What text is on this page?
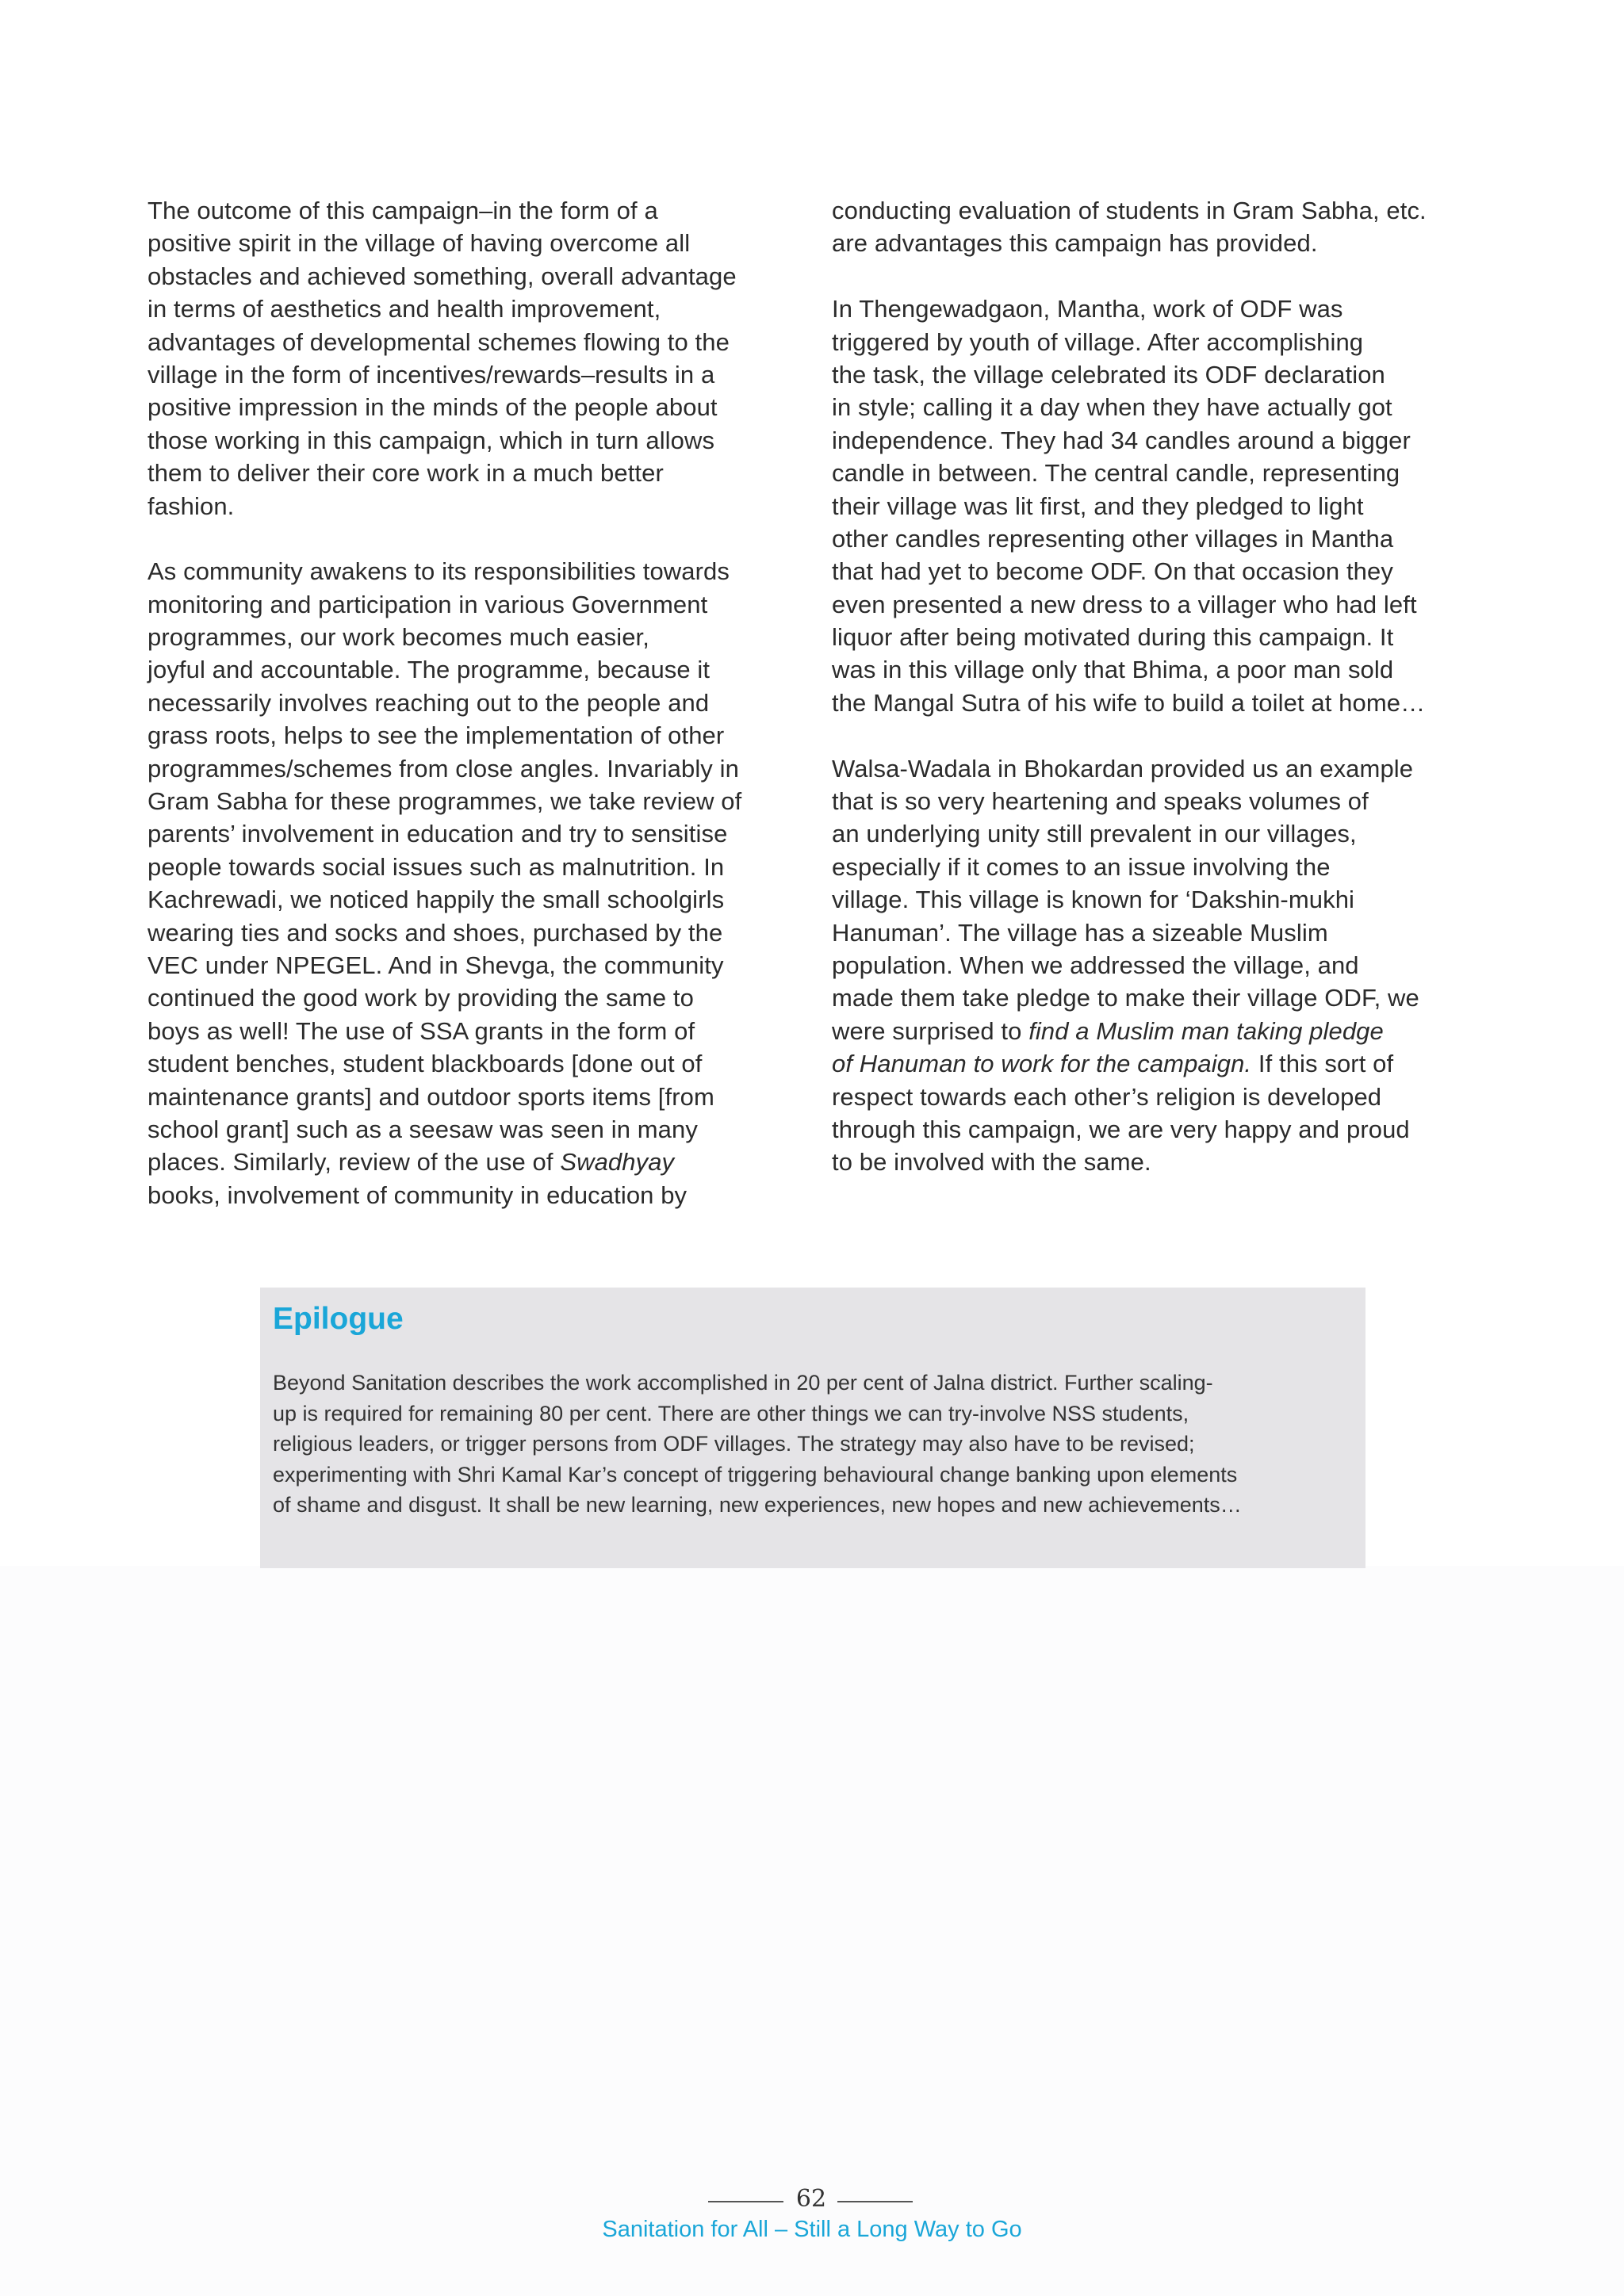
The outcome of this campaign–in the form of a
positive spirit in the village of having overcome all
obstacles and achieved something, overall advantage
in terms of aesthetics and health improvement,
advantages of developmental schemes flowing to the
village in the form of incentives/rewards–results in a
positive impression in the minds of the people about
those working in this campaign, which in turn allows
them to deliver their core work in a much better
fashion.
As community awakens to its responsibilities towards
monitoring and participation in various Government
programmes, our work becomes much easier,
joyful and accountable. The programme, because it
necessarily involves reaching out to the people and
grass roots, helps to see the implementation of other
programmes/schemes from close angles. Invariably in
Gram Sabha for these programmes, we take review of
parents’ involvement in education and try to sensitise
people towards social issues such as malnutrition. In
Kachrewadi, we noticed happily the small schoolgirls
wearing ties and socks and shoes, purchased by the
VEC under NPEGEL. And in Shevga, the community
continued the good work by providing the same to
boys as well! The use of SSA grants in the form of
student benches, student blackboards [done out of
maintenance grants] and outdoor sports items [from
school grant] such as a seesaw was seen in many
places. Similarly, review of the use of Swadhyay
books, involvement of community in education by
conducting evaluation of students in Gram Sabha, etc.
are advantages this campaign has provided.
In Thengewadgaon, Mantha, work of ODF was
triggered by youth of village. After accomplishing
the task, the village celebrated its ODF declaration
in style; calling it a day when they have actually got
independence. They had 34 candles around a bigger
candle in between. The central candle, representing
their village was lit first, and they pledged to light
other candles representing other villages in Mantha
that had yet to become ODF. On that occasion they
even presented a new dress to a villager who had left
liquor after being motivated during this campaign. It
was in this village only that Bhima, a poor man sold
the Mangal Sutra of his wife to build a toilet at home…
Walsa-Wadala in Bhokardan provided us an example
that is so very heartening and speaks volumes of
an underlying unity still prevalent in our villages,
especially if it comes to an issue involving the
village. This village is known for ‘Dakshin-mukhi
Hanuman’. The village has a sizeable Muslim
population. When we addressed the village, and
made them take pledge to make their village ODF, we
were surprised to find a Muslim man taking pledge
of Hanuman to work for the campaign. If this sort of
respect towards each other’s religion is developed
through this campaign, we are very happy and proud
to be involved with the same.
Epilogue
Beyond Sanitation describes the work accomplished in 20 per cent of Jalna district. Further scaling-
up is required for remaining 80 per cent. There are other things we can try-involve NSS students,
religious leaders, or trigger persons from ODF villages. The strategy may also have to be revised;
experimenting with Shri Kamal Kar’s concept of triggering behavioural change banking upon elements
of shame and disgust. It shall be new learning, new experiences, new hopes and new achievements…
62
Sanitation for All – Still a Long Way to Go
